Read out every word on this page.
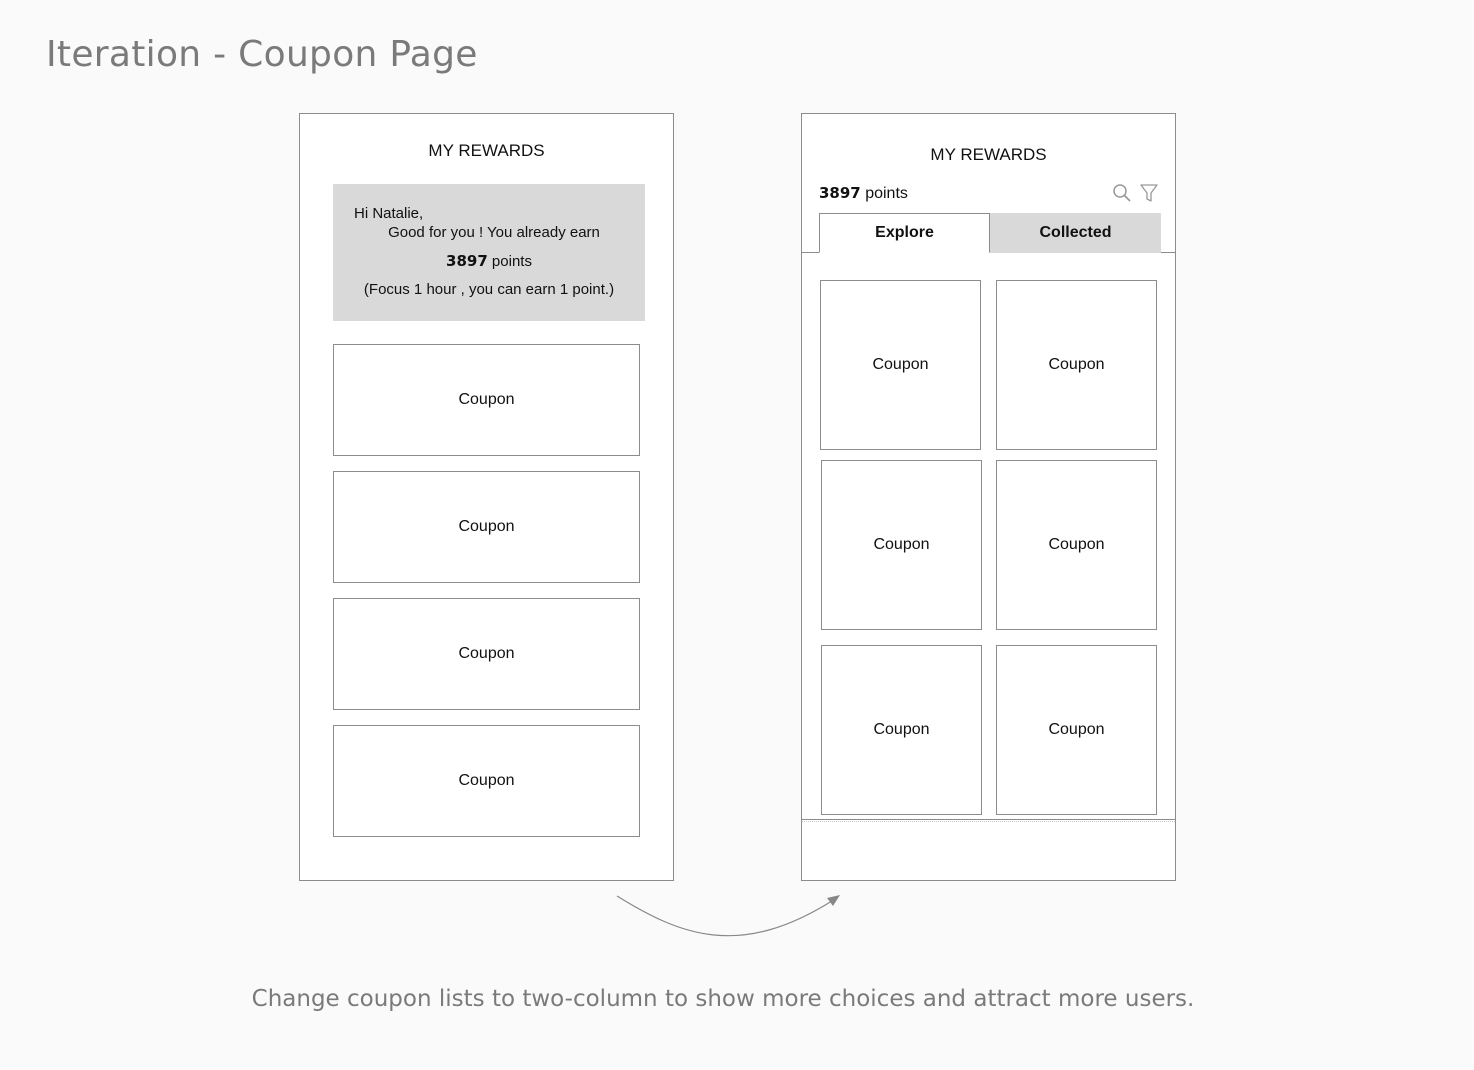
Iteration - Coupon Page
MY REWARDS
Hi Natalie,
Good for you ! You already earn
3897 points
(Focus 1 hour , you can earn 1 point.)
Coupon
Coupon
Coupon
Coupon
MY REWARDS
3897 points
Explore	Collected
Coupon	Coupon
Coupon	Coupon
Coupon	Coupon
Change coupon lists to two-column to show more choices and attract more users.
